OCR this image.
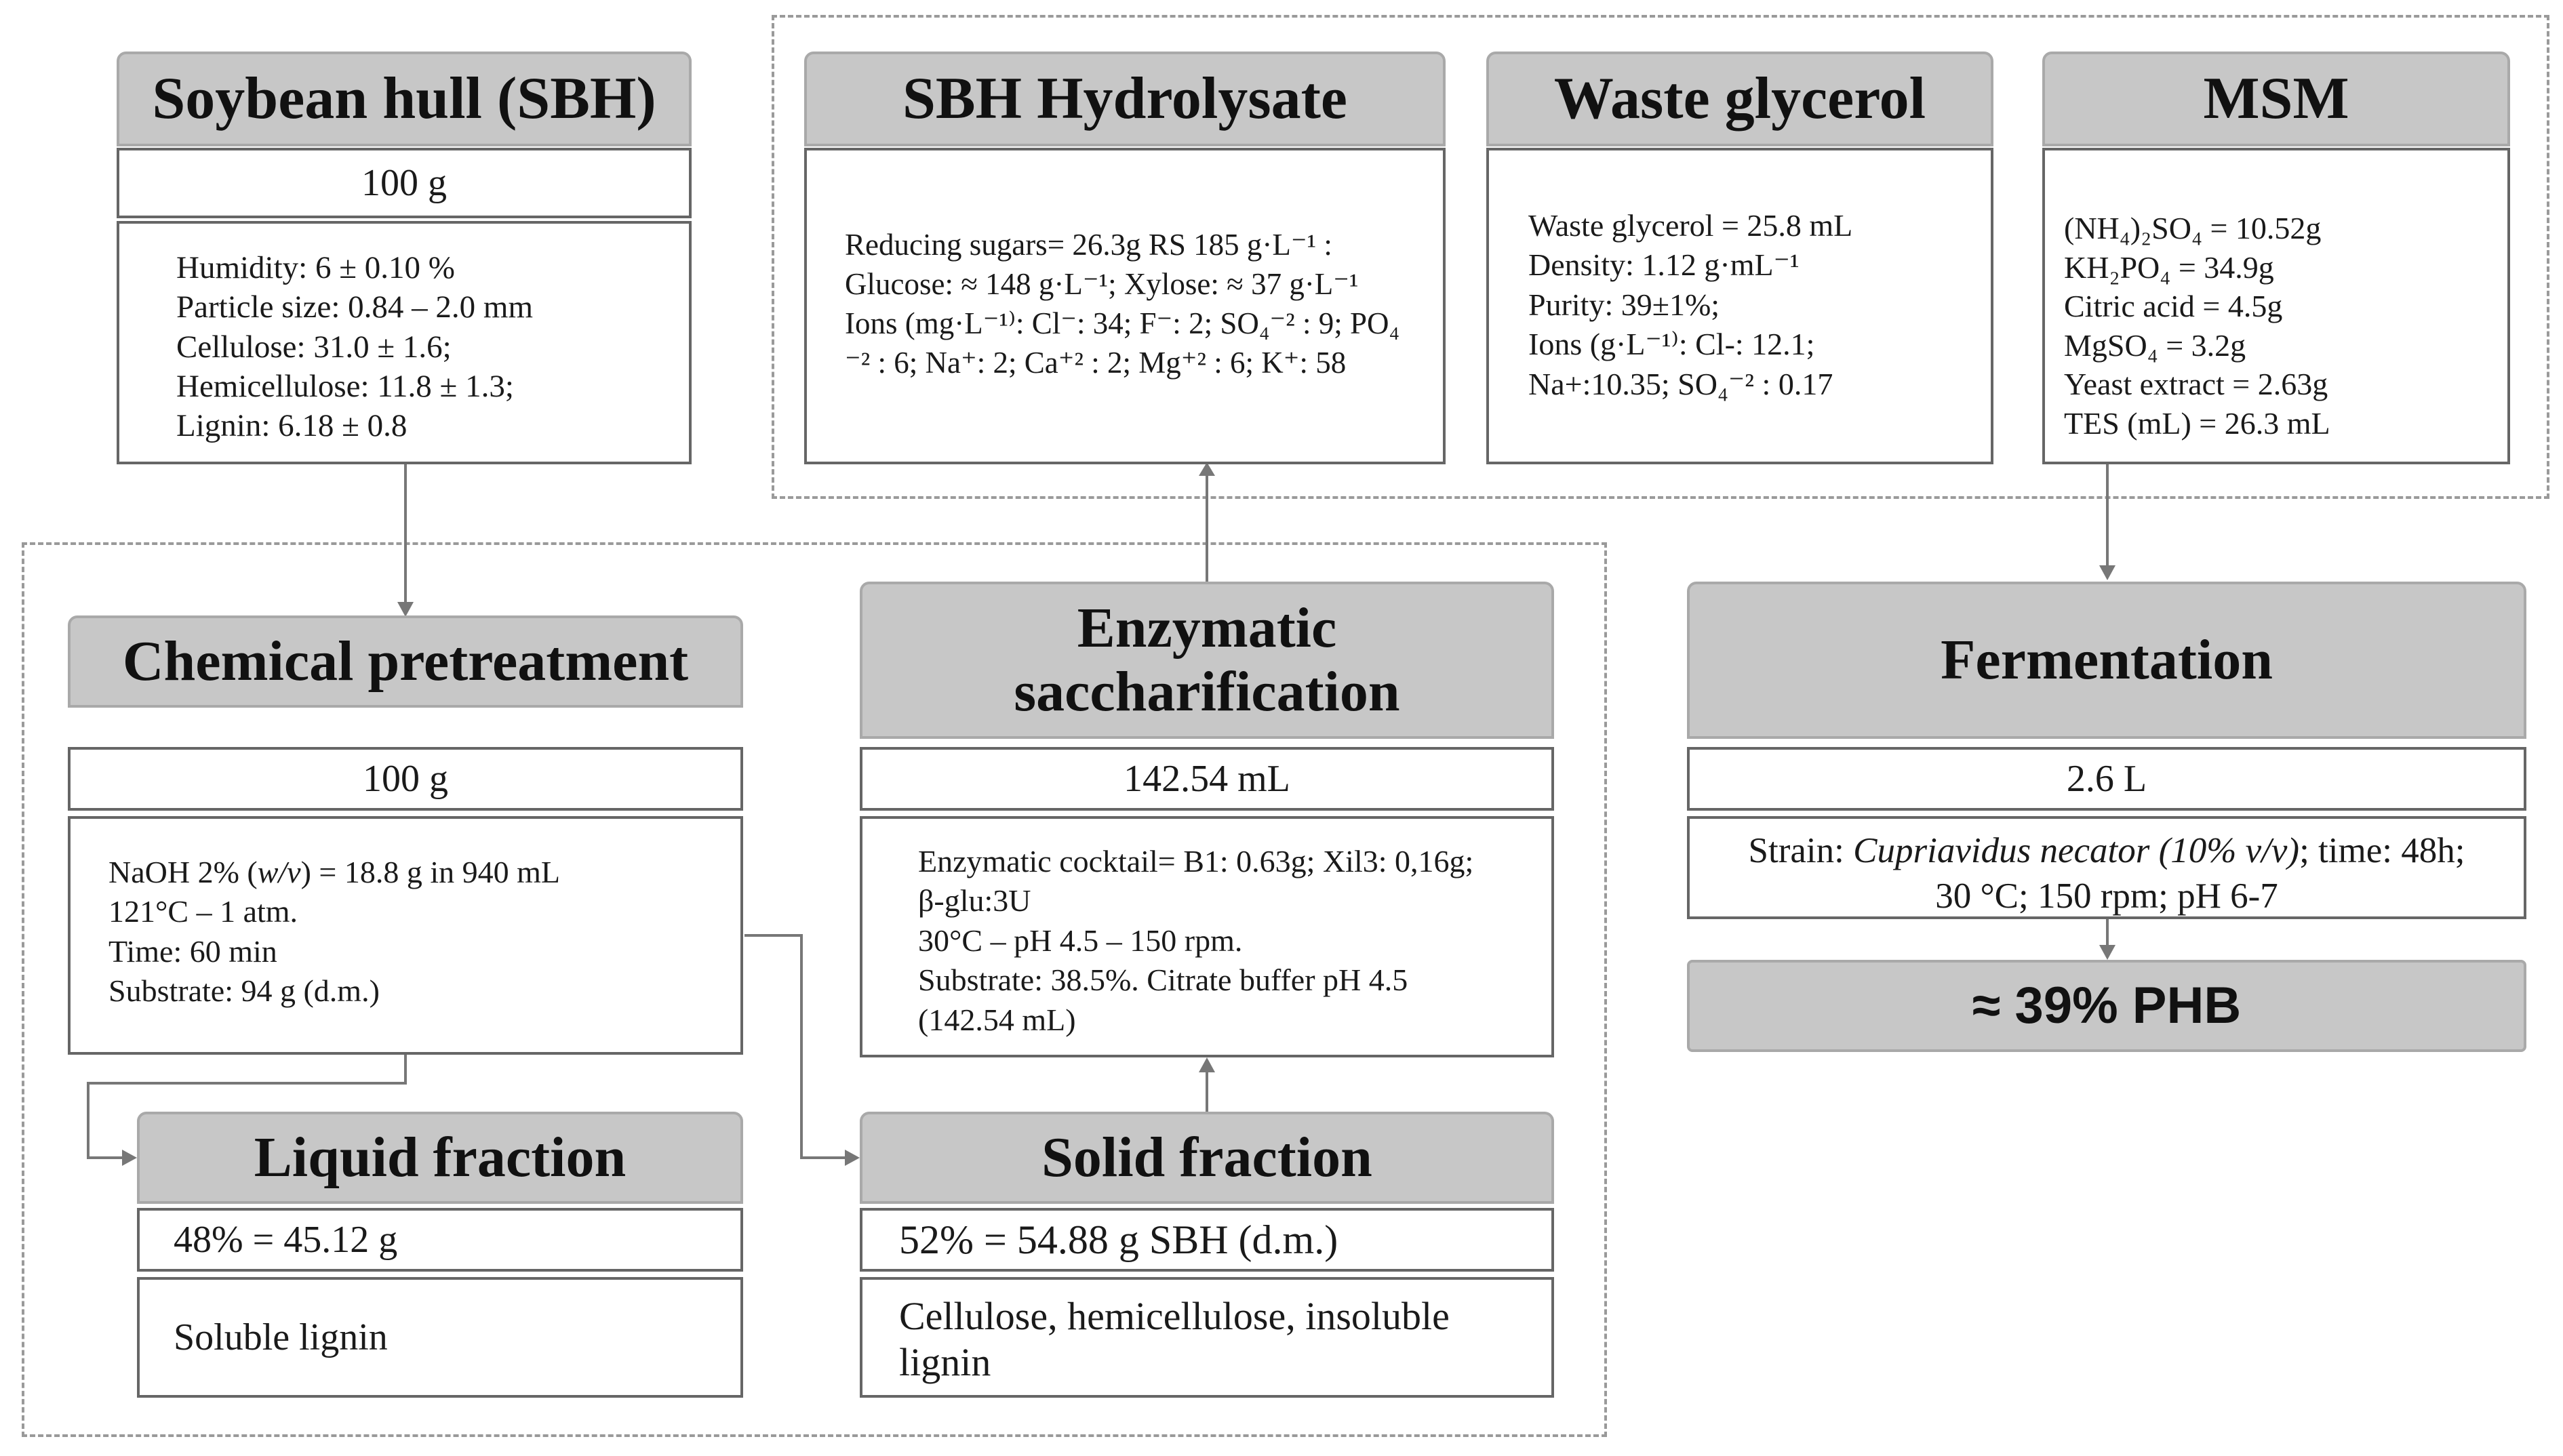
Soybean hull (SBH)
100 g
Humidity: 6 ± 0.10 %
Particle size: 0.84 – 2.0 mm
Cellulose: 31.0 ± 1.6;
Hemicellulose: 11.8 ± 1.3;
Lignin: 6.18 ± 0.8
SBH Hydrolysate
Reducing sugars= 26.3g RS 185 g·L⁻¹ :
Glucose: ≈ 148 g·L⁻¹; Xylose: ≈ 37 g·L⁻¹
Ions (mg·L⁻¹⁾: Cl⁻: 34; F⁻: 2; SO₄⁻² : 9; PO₄
⁻² : 6; Na⁺: 2; Ca⁺² : 2; Mg⁺² : 6; K⁺: 58
Waste glycerol
Waste glycerol = 25.8 mL
Density: 1.12 g·mL⁻¹
Purity: 39±1%;
Ions (g·L⁻¹⁾: Cl-: 12.1;
Na+:10.35; SO₄⁻² : 0.17
MSM
(NH₄)₂SO₄ = 10.52g
KH₂PO₄ = 34.9g
Citric acid = 4.5g
MgSO₄ = 3.2g
Yeast extract = 2.63g
TES (mL) = 26.3 mL
Chemical pretreatment
100 g
NaOH 2% (w/v) = 18.8 g in 940 mL
121°C – 1 atm.
Time: 60 min
Substrate: 94 g (d.m.)
Enzymatic
saccharification
142.54 mL
Enzymatic cocktail= B1: 0.63g; Xil3: 0,16g;
β-glu:3U
30°C – pH 4.5 – 150 rpm.
Substrate: 38.5%. Citrate buffer pH 4.5
(142.54 mL)
Fermentation
2.6 L
Strain: Cupriavidus necator (10% v/v); time: 48h;
30 °C; 150 rpm; pH 6-7
≈ 39% PHB
Liquid fraction
48% = 45.12 g
Soluble lignin
Solid fraction
52% = 54.88 g SBH (d.m.)
Cellulose, hemicellulose, insoluble lignin
